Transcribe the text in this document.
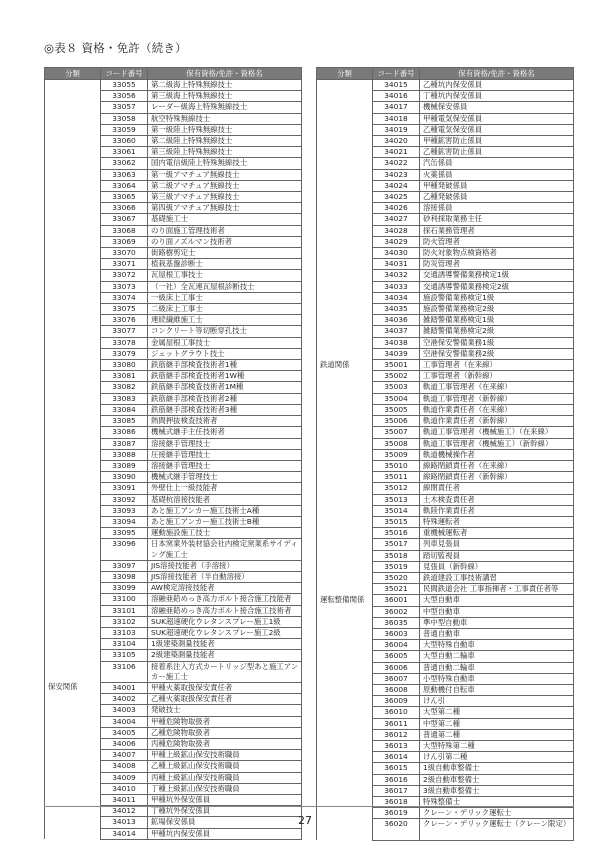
◎表８ 資格・免許（続き）
分類	コード番号	保有資格/免許・資格名
	33055	第二級海上特殊無線技士
	33056	第三級海上特殊無線技士
	33057	レーダー級海上特殊無線技士
	33058	航空特殊無線技士
	33059	第一級陸上特殊無線技士
	33060	第二級陸上特殊無線技士
	33061	第三級陸上特殊無線技士
	33062	国内電信級陸上特殊無線技士
	33063	第一級アマチュア無線技士
	33064	第二級アマチュア無線技士
	33065	第三級アマチュア無線技士
	33066	第四級アマチュア無線技士
	33067	基礎施工士
	33068	のり面施工管理技術者
	33069	のり面ノズルマン技術者
	33070	街路樹剪定士
	33071	植栽基盤診断士
	33072	瓦屋根工事技士
	33073	（一社）全瓦連瓦屋根診断技士
	33074	一級床上工事士
	33075	二級床上工事士
	33076	連続繊維施工士
	33077	コンクリート等切断穿孔技士
	33078	金属屋根工事技士
	33079	ジェットグラウト技士
	33080	鉄筋継手部検査技術者1種
	33081	鉄筋継手部検査技術者1W種
	33082	鉄筋継手部検査技術者1M種
	33083	鉄筋継手部検査技術者2種
	33084	鉄筋継手部検査技術者3種
	33085	熱間押抜検査技術者
	33086	機械式継手主任技術者
	33087	溶接継手管理技士
	33088	圧接継手管理技士
	33089	溶接継手管理技士
	33090	機械式継手管理技士
	33091	外壁仕上一級技能者
	33092	基礎杭溶接技能者
	33093	あと施工アンカー施工技術士A種
	33094	あと施工アンカー施工技術士B種
	33095	運動施設施工技士
	33096	日本窯業外装材協会社内検定窯業系サイディング施工士
	33097	JIS溶接技能者（手溶接）
	33098	JIS溶接技能者（半自動溶接）
	33099	AW検定溶接技能者
	33100	溶融亜鉛めっき高力ボルト接合施工技能者
	33101	溶融亜鉛めっき高力ボルト接合施工技術者
	33102	SUK超速硬化ウレタンスプレー施工1級
	33103	SUK超速硬化ウレタンスプレー施工2級
	33104	1級建築測量技能者
	33105	2級建築測量技能者
	33106	接着系注入方式カートリッジ型あと施工アンカー施工士
保安関係	34001	甲種火薬取扱保安責任者
	34002	乙種火薬取扱保安責任者
	34003	発破技士
	34004	甲種危険物取扱者
	34005	乙種危険物取扱者
	34006	丙種危険物取扱者
	34007	甲種上級鉱山保安技術職員
	34008	乙種上級鉱山保安技術職員
	34009	丙種上級鉱山保安技術職員
	34010	丁種上級鉱山保安技術職員
	34011	甲種坑外保安係員
	34012	丁種坑外保安係員
	34013	鉱場保安係員
	34014	甲種坑内保安係員
分類	コード番号	保有資格/免許・資格名
	34015	乙種坑内保安係員
	34016	丁種坑内保安係員
	34017	機械保安係員
	34018	甲種電気保安係員
	34019	乙種電気保安係員
	34020	甲種鉱害防止係員
	34021	乙種鉱害防止係員
	34022	汽缶係員
	34023	火薬係員
	34024	甲種発破係員
	34025	乙種発破係員
	34026	溶接係員
	34027	砂利採取業務主任
	34028	採石業務管理者
	34029	防火管理者
	34030	防火対象物点検資格者
	34031	防災管理者
	34032	交通誘導警備業務検定1級
	34033	交通誘導警備業務検定2級
	34034	施設警備業務検定1級
	34035	施設警備業務検定2級
	34036	雑踏警備業務検定1級
	34037	雑踏警備業務検定2級
	34038	空港保安警備業務1級
	34039	空港保安警備業務2級
鉄道関係	35001	工事管理者（在来線）
	35002	工事管理者（新幹線）
	35003	軌道工事管理者（在来線）
	35004	軌道工事管理者（新幹線）
	35005	軌道作業責任者（在来線）
	35006	軌道作業責任者（新幹線）
	35007	軌道工事管理者（機械施工）（在来線）
	35008	軌道工事管理者（機械施工）（新幹線）
	35009	軌道機械操作者
	35010	線路閉鎖責任者（在来線）
	35011	線路閉鎖責任者（新幹線）
	35012	線閉責任者
	35013	土木検査責任者
	35014	軌陸作業責任者
	35015	特殊運転者
	35016	重機械運転者
	35017	列車見張員
	35018	踏切監視員
	35019	見張員（新幹線）
	35020	鉄道建設工事技術講習
	35021	民間鉄道会社 工事指揮者・工事責任者等
運転整備関係	36001	大型自動車
	36002	中型自動車
	36035	準中型自動車
	36003	普通自動車
	36004	大型特殊自動車
	36005	大型自動二輪車
	36006	普通自動二輪車
	36007	小型特殊自動車
	36008	原動機付自転車
	36009	けん引
	36010	大型第二種
	36011	中型第二種
	36012	普通第二種
	36013	大型特殊第二種
	36014	けん引第二種
	36015	1級自動車整備士
	36016	2級自動車整備士
	36017	3級自動車整備士
	36018	特殊整備士
	36019	クレーン・デリック運転士
	36020	クレーン・デリック運転士（クレーン限定）
27
